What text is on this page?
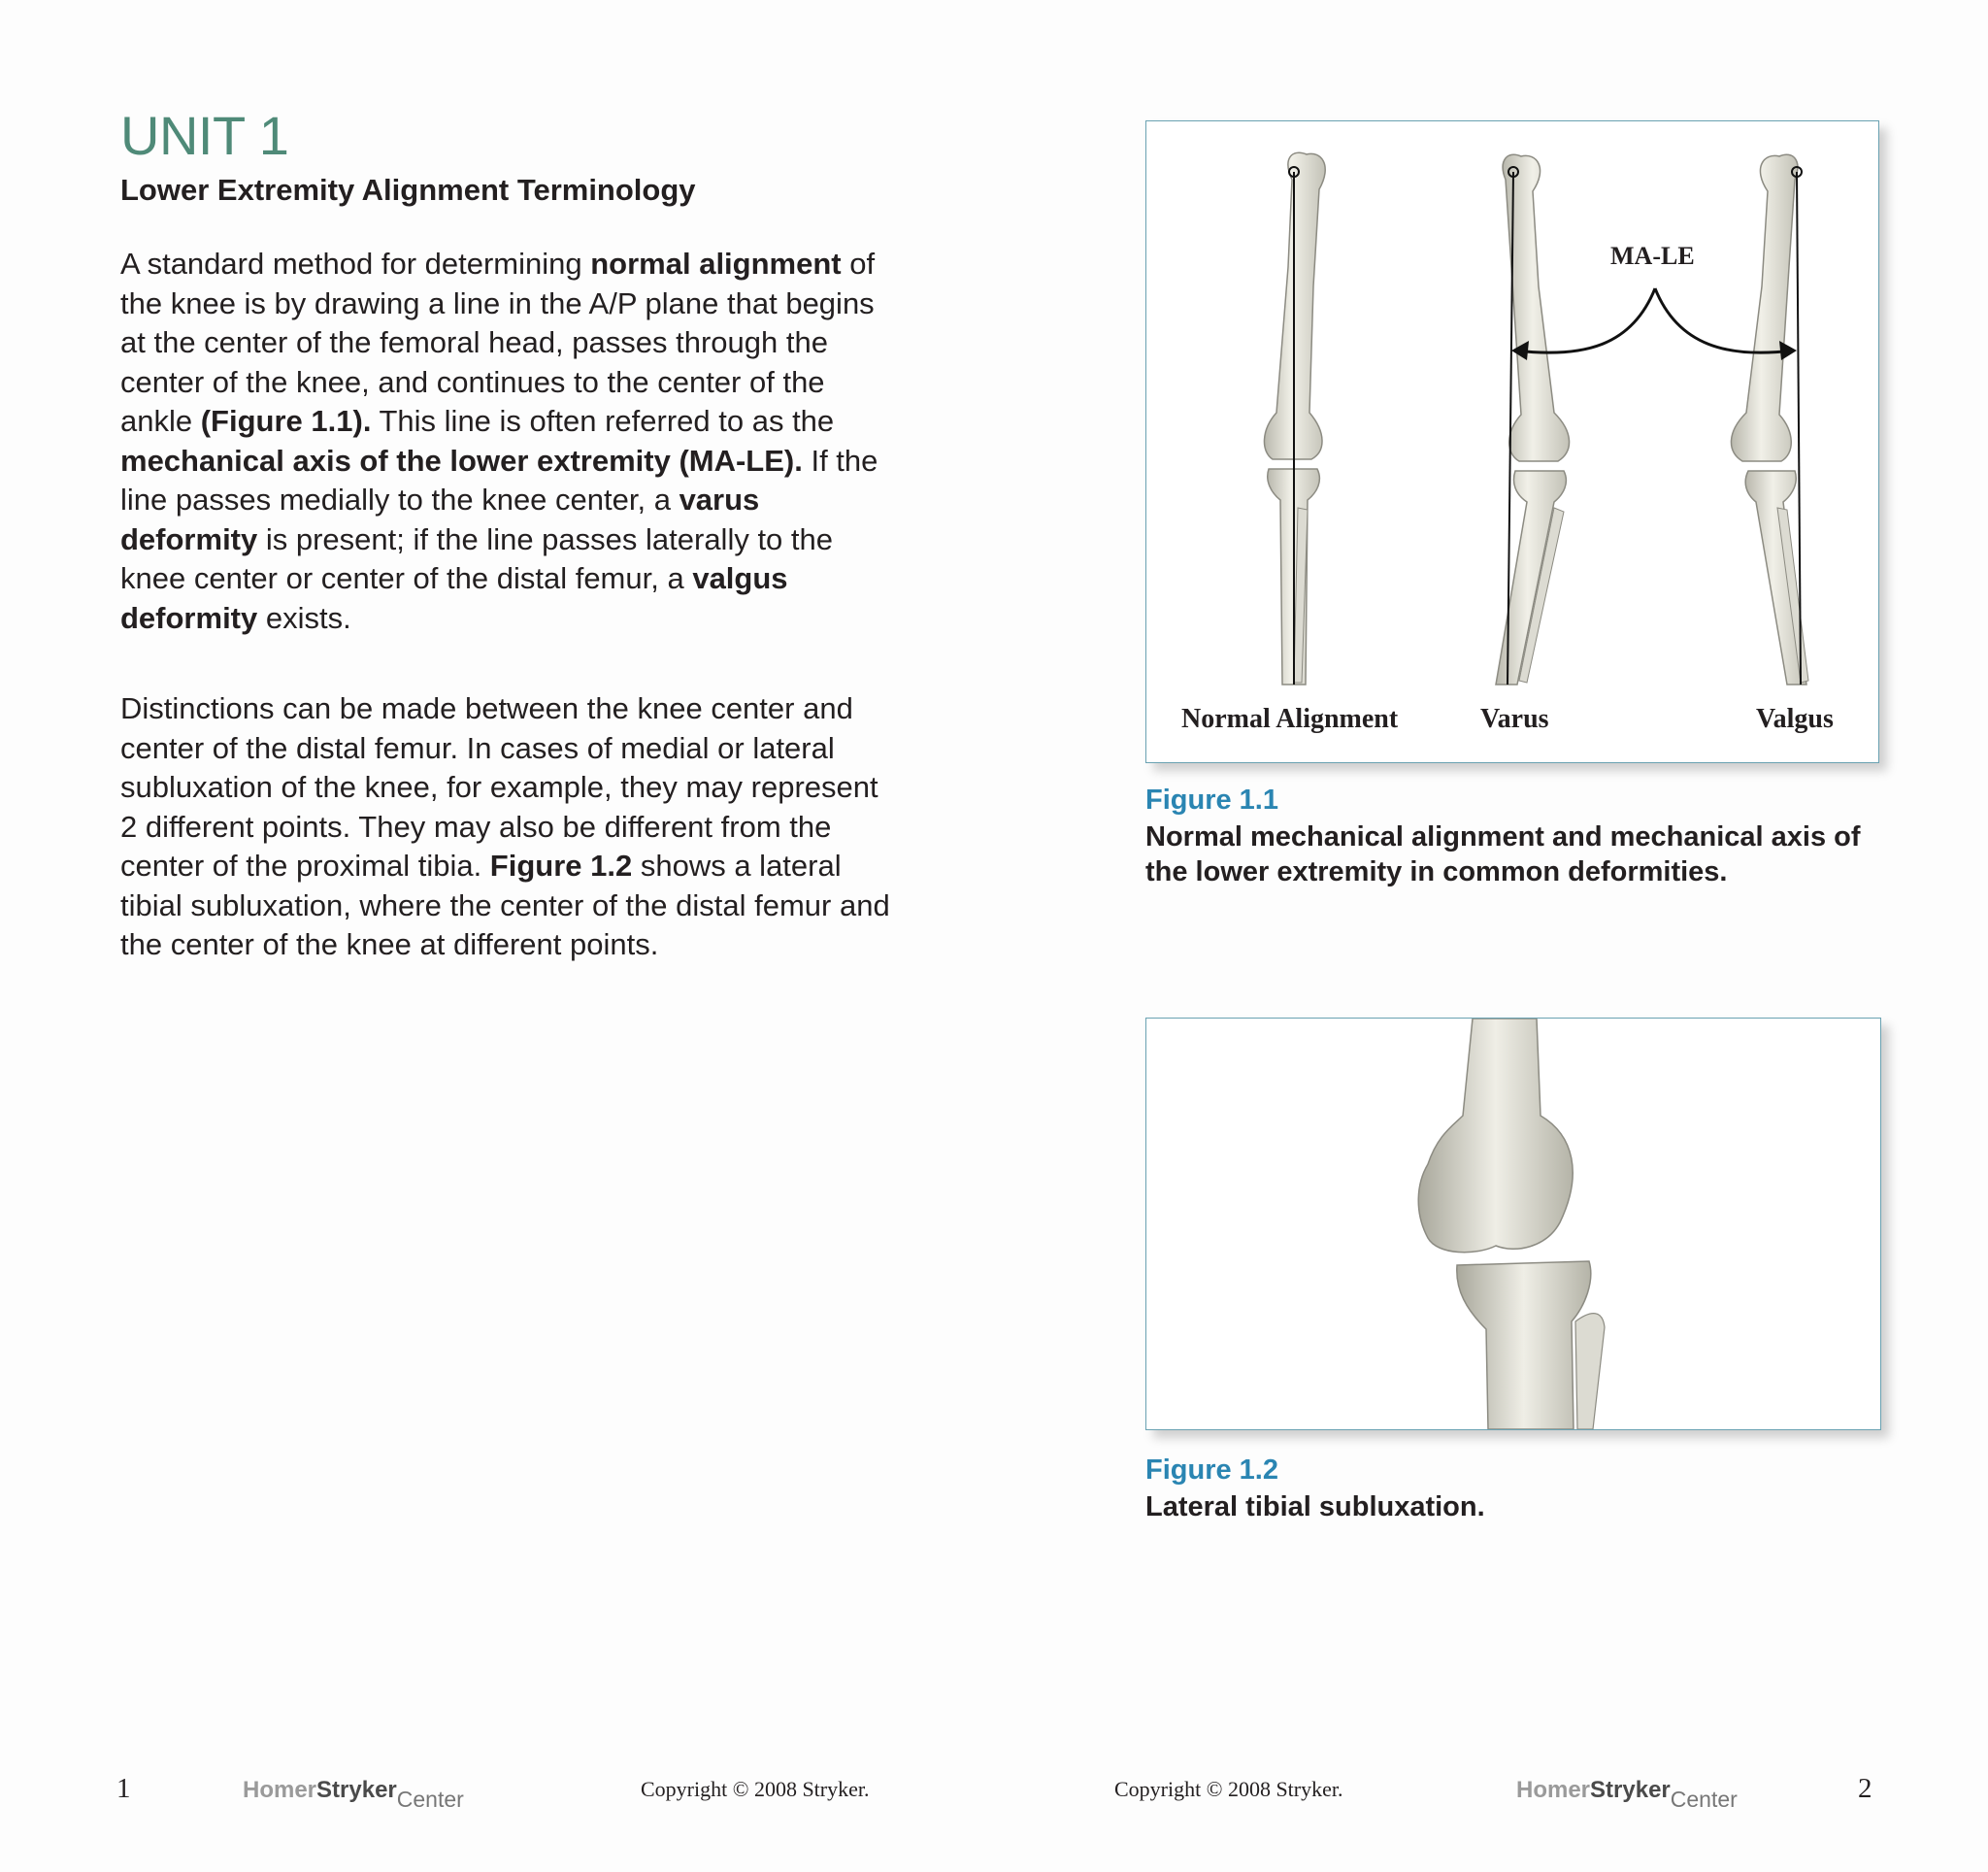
UNIT 1
Lower Extremity Alignment Terminology
A standard method for determining normal alignment of the knee is by drawing a line in the A/P plane that begins at the center of the femoral head, passes through the center of the knee, and continues to the center of the ankle (Figure 1.1). This line is often referred to as the mechanical axis of the lower extremity (MA-LE). If the line passes medially to the knee center, a varus deformity is present; if the line passes laterally to the knee center or center of the distal femur, a valgus deformity exists.
Distinctions can be made between the knee center and center of the distal femur. In cases of medial or lateral subluxation of the knee, for example, they may represent 2 different points. They may also be different from the center of the proximal tibia. Figure 1.2 shows a lateral tibial subluxation, where the center of the distal femur and the center of the knee at different points.
MA-LE
Normal Alignment	Varus	Valgus
Figure 1.1
Normal mechanical alignment and mechanical axis of the lower extremity in common deformities.
Figure 1.2
Lateral tibial subluxation.
1	HomerStrykerCenter	Copyright © 2008 Stryker.	Copyright © 2008 Stryker.	HomerStrykerCenter	2
